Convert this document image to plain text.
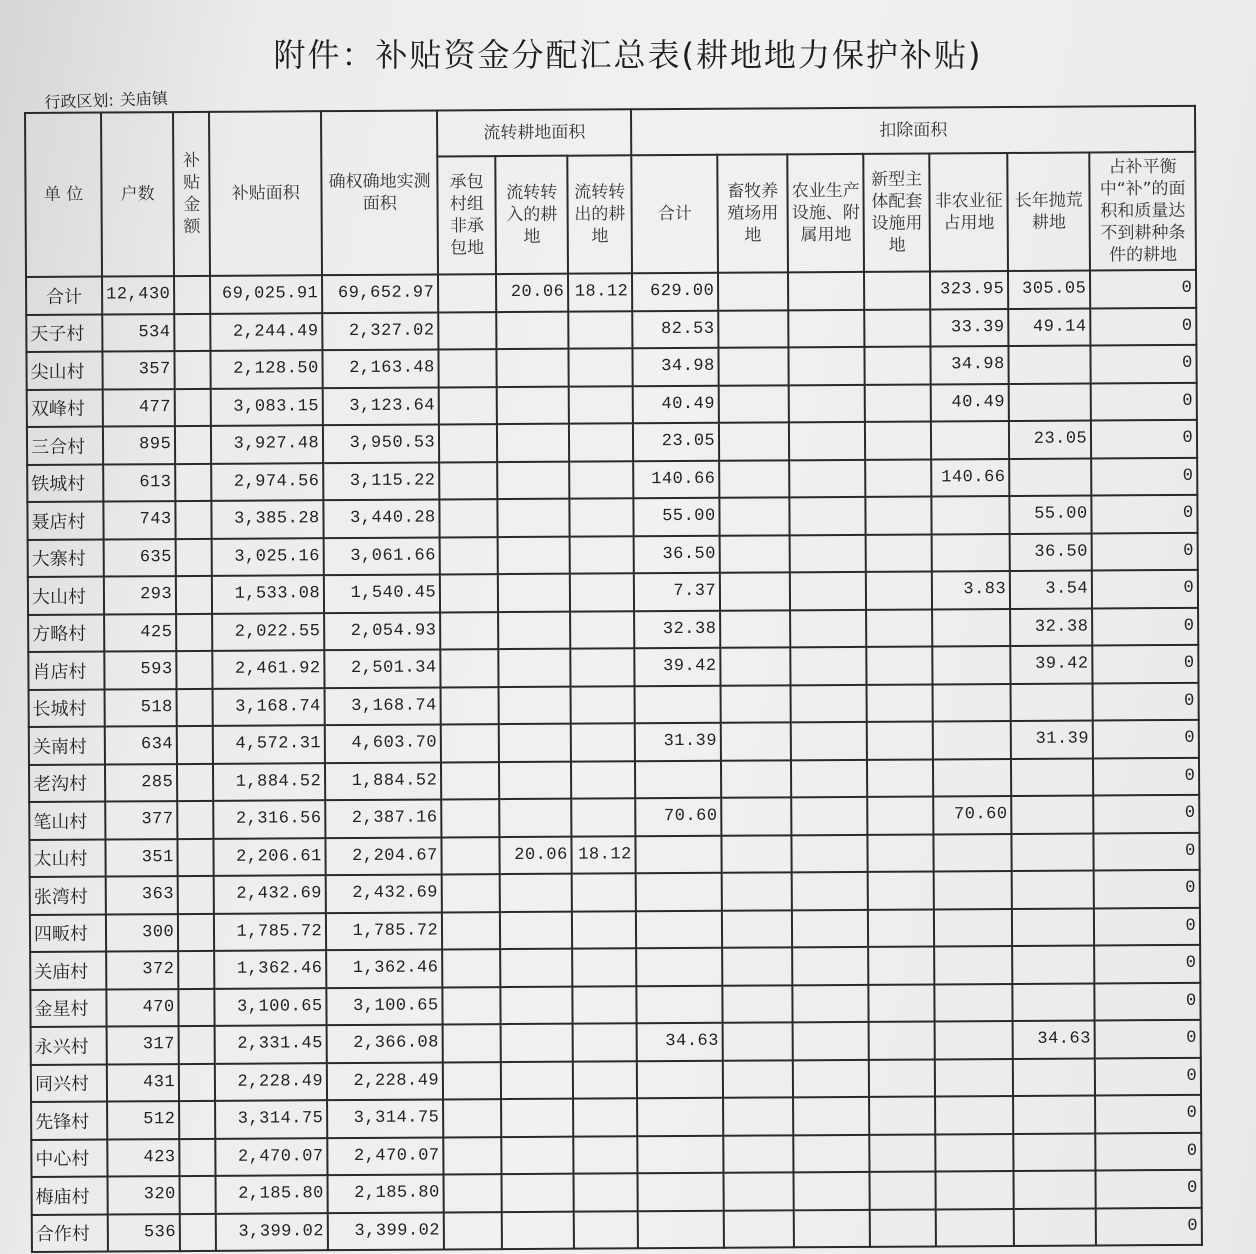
附件：补贴资金分配汇总表(耕地地力保护补贴)
行政区划: 关庙镇
单 位	户数	补贴金额	补贴面积	确权确地实测面积	流转耕地面积			扣除面积						
					承包村组非承包地	流转转入的耕地	流转转出的耕地	合计	畜牧养殖场用地	农业生产设施、附属用地	新型主体配套设施用地	非农业征占用地	长年抛荒耕地	占补平衡中“补”的面积和质量达不到耕种条件的耕地
合计	12,430		69,025.91	69,652.97		20.06	18.12	629.00				323.95	305.05	0
天子村	534		2,244.49	2,327.02				82.53				33.39	49.14	0
尖山村	357		2,128.50	2,163.48				34.98				34.98		0
双峰村	477		3,083.15	3,123.64				40.49				40.49		0
三合村	895		3,927.48	3,950.53				23.05					23.05	0
铁城村	613		2,974.56	3,115.22				140.66				140.66		0
聂店村	743		3,385.28	3,440.28				55.00					55.00	0
大寨村	635		3,025.16	3,061.66				36.50					36.50	0
大山村	293		1,533.08	1,540.45				7.37				3.83	3.54	0
方略村	425		2,022.55	2,054.93				32.38					32.38	0
肖店村	593		2,461.92	2,501.34				39.42					39.42	0
长城村	518		3,168.74	3,168.74										0
关南村	634		4,572.31	4,603.70				31.39					31.39	0
老沟村	285		1,884.52	1,884.52										0
笔山村	377		2,316.56	2,387.16				70.60				70.60		0
太山村	351		2,206.61	2,204.67		20.06	18.12							0
张湾村	363		2,432.69	2,432.69										0
四畈村	300		1,785.72	1,785.72										0
关庙村	372		1,362.46	1,362.46										0
金星村	470		3,100.65	3,100.65										0
永兴村	317		2,331.45	2,366.08				34.63					34.63	0
同兴村	431		2,228.49	2,228.49										0
先锋村	512		3,314.75	3,314.75										0
中心村	423		2,470.07	2,470.07										0
梅庙村	320		2,185.80	2,185.80										0
合作村	536		3,399.02	3,399.02										0
